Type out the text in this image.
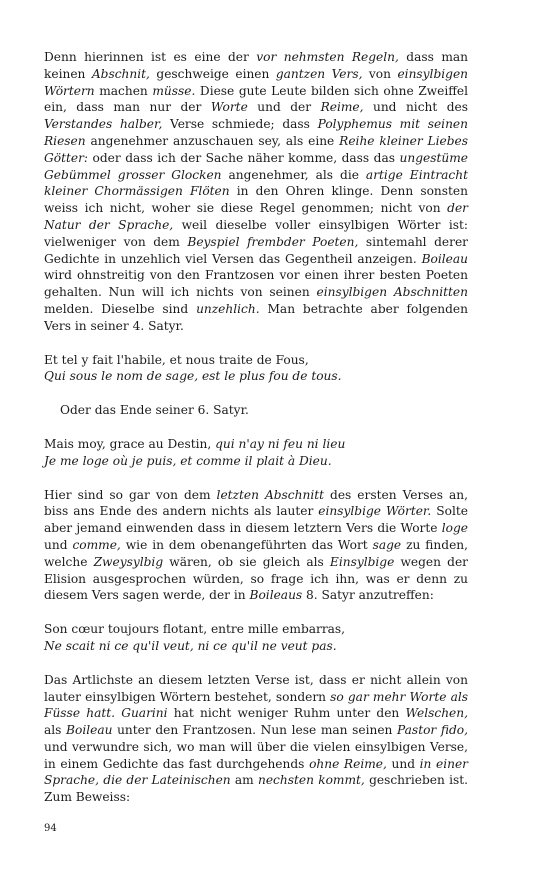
Denn hierinnen ist es eine der vor nehmsten Regeln, dass man keinen Abschnit, geschweige einen gantzen Vers, von einsylbigen Wörtern machen müsse. Diese gute Leute bilden sich ohne Zweiffel ein, dass man nur der Worte und der Reime, und nicht des Verstandes halber, Verse schmiede; dass Polyphemus mit seinen Riesen angenehmer anzuschauen sey, als eine Reihe kleiner Liebes Götter: oder dass ich der Sache näher komme, dass das ungestüme Gebümmel grosser Glocken angenehmer, als die artige Eintracht kleiner Chormässigen Flöten in den Ohren klinge. Denn sonsten weiss ich nicht, woher sie diese Regel genommen; nicht von der Natur der Sprache, weil dieselbe voller einsylbigen Wörter ist: vielweniger von dem Beyspiel frembder Poeten, sintemahl derer Gedichte in unzehlich viel Versen das Gegentheil anzeigen. Boileau wird ohnstreitig von den Frantzosen vor einen ihrer besten Poeten gehalten. Nun will ich nichts von seinen einsylbigen Abschnitten melden. Dieselbe sind unzehlich. Man betrachte aber folgenden Vers in seiner 4. Satyr.

Et tel y fait l'habile, et nous traite de Fous,
Qui sous le nom de sage, est le plus fou de tous.

Oder das Ende seiner 6. Satyr.

Mais moy, grace au Destin, qui n'ay ni feu ni lieu
Je me loge où je puis, et comme il plait à Dieu.

Hier sind so gar von dem letzten Abschnitt des ersten Verses an, biss ans Ende des andern nichts als lauter einsylbige Wörter. Solte aber jemand einwenden dass in diesem letztern Vers die Worte loge und comme, wie in dem obenangeführten das Wort sage zu finden, welche Zweysylbig wären, ob sie gleich als Einsylbige wegen der Elision ausgesprochen würden, so frage ich ihn, was er denn zu diesem Vers sagen werde, der in Boileaus 8. Satyr anzutreffen:

Son cœur toujours flotant, entre mille embarras,
Ne scait ni ce qu'il veut, ni ce qu'il ne veut pas.

Das Artlichste an diesem letzten Verse ist, dass er nicht allein von lauter einsylbigen Wörtern bestehet, sondern so gar mehr Worte als Füsse hatt. Guarini hat nicht weniger Ruhm unter den Welschen, als Boileau unter den Frantzosen. Nun lese man seinen Pastor fido, und verwundre sich, wo man will über die vielen einsylbigen Verse, in einem Gedichte das fast durchgehends ohne Reime, und in einer Sprache, die der Lateinischen am nechsten kommt, geschrieben ist. Zum Beweiss:

94
